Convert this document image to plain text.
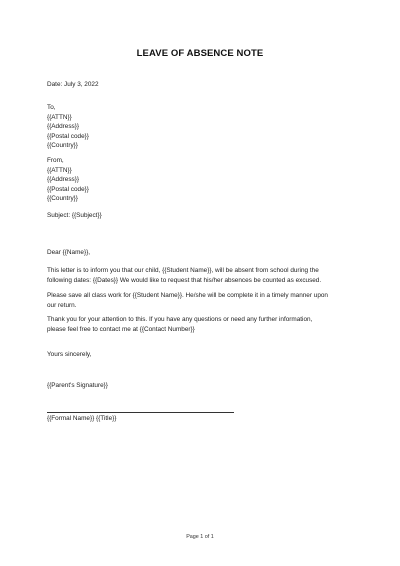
LEAVE OF ABSENCE NOTE
Date: July 3, 2022
To,
{{ATTN}}
{{Address}}
{{Postal code}}
{{Country}}
From,
{{ATTN}}
{{Address}}
{{Postal code}}
{{Country}}
Subject: {{Subject}}
Dear {{Name}},
This letter is to inform you that our child, {{Student Name}}, will be absent from school during the
following dates: {{Dates}} We would like to request that his/her absences be counted as excused.
Please save all class work for {{Student Name}}. He/she will be complete it in a timely manner upon
our return.
Thank you for your attention to this. If you have any questions or need any further information,
please feel free to contact me at {{Contact Number}}
Yours sincerely,
{{Parent's Signature}}
{{Formal Name}} {{Title}}
Page 1 of 1
